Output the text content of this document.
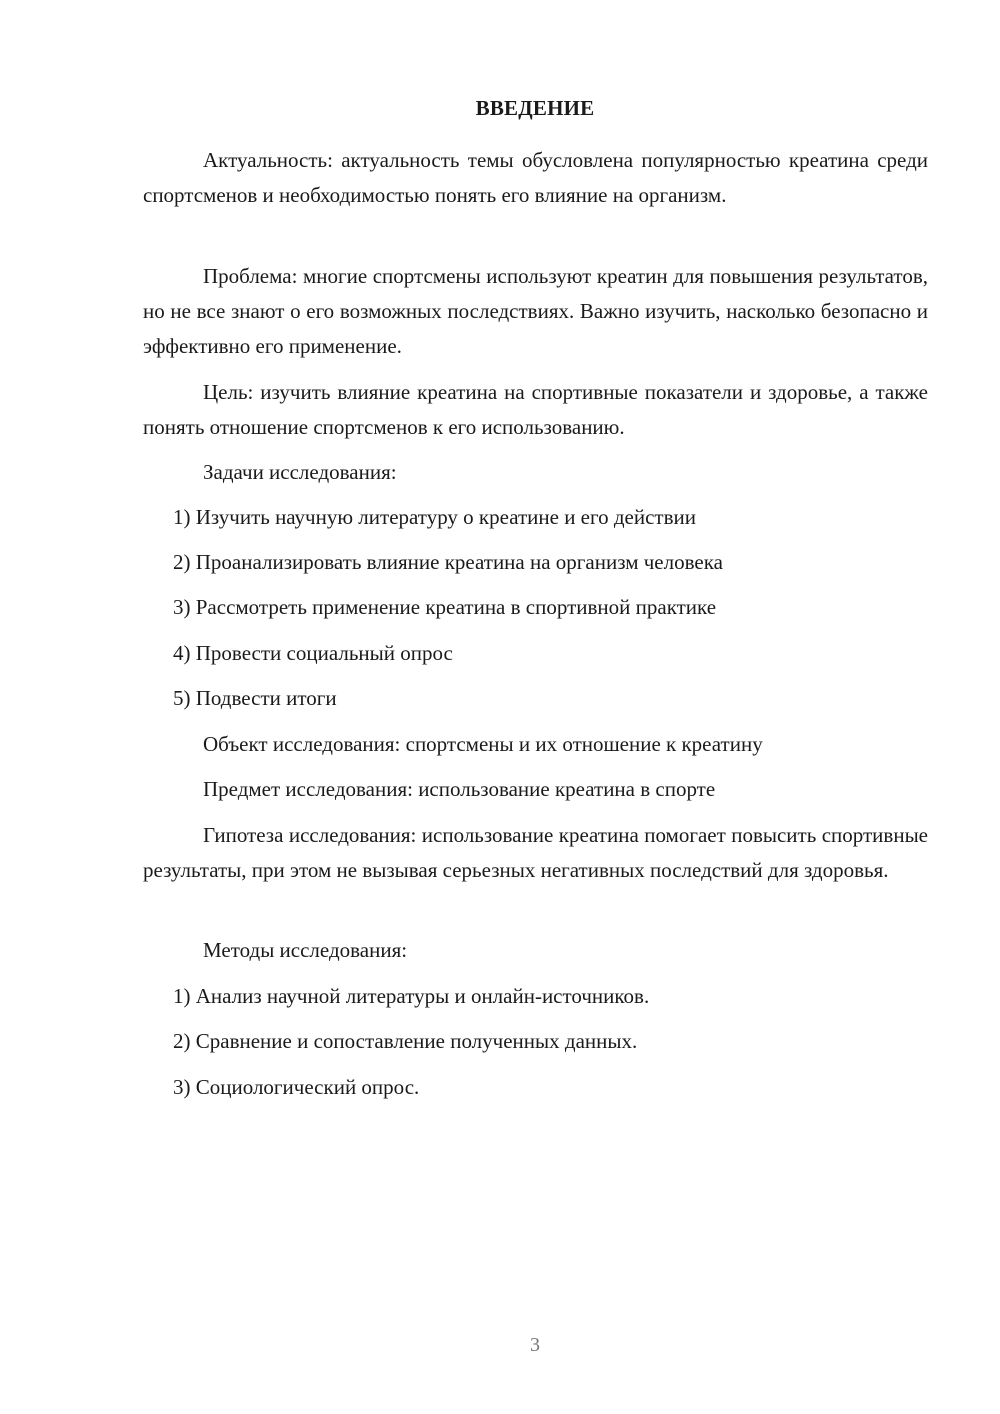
ВВЕДЕНИЕ

Актуальность: актуальность темы обусловлена популярностью креатина среди спортсменов и необходимостью понять его влияние на организм.

Проблема: многие спортсмены используют креатин для повышения результатов, но не все знают о его возможных последствиях. Важно изучить, насколько безопасно и эффективно его применение.

Цель: изучить влияние креатина на спортивные показатели и здоровье, а также понять отношение спортсменов к его использованию.

Задачи исследования:

1) Изучить научную литературу о креатине и его действии

2) Проанализировать влияние креатина на организм человека

3) Рассмотреть применение креатина в спортивной практике

4) Провести социальный опрос

5) Подвести итоги

Объект исследования: спортсмены и их отношение к креатину

Предмет исследования: использование креатина в спорте

Гипотеза исследования: использование креатина помогает повысить спортивные результаты, при этом не вызывая серьезных негативных последствий для здоровья.

Методы исследования:

1) Анализ научной литературы и онлайн-источников.

2) Сравнение и сопоставление полученных данных.

3) Социологический опрос.

3
